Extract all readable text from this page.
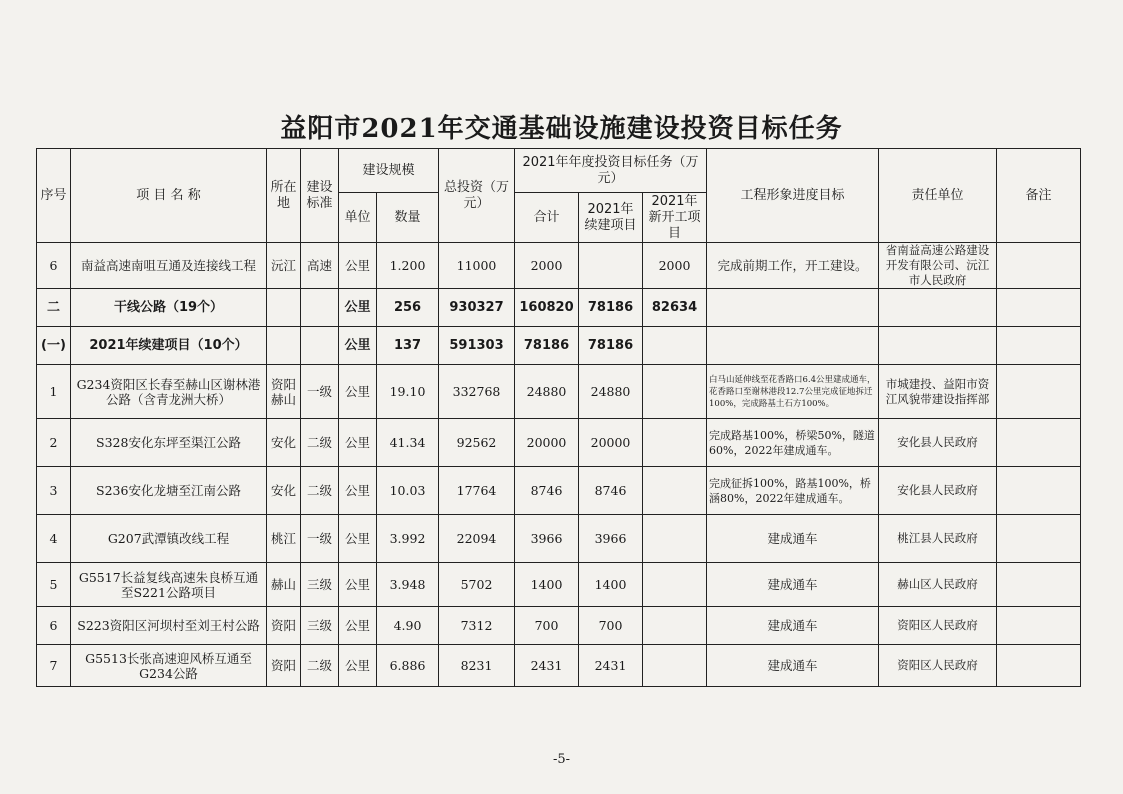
益阳市2021年交通基础设施建设投资目标任务
序号	项 目 名 称	所在地	建设标准	建设规模		总投资（万元）	2021年年度投资目标任务（万元）			工程形象进度目标	责任单位	备注
				单位	数量		合计	2021年续建项目	2021年新开工项目			
6	南益高速南咀互通及连接线工程	沅江	高速	公里	1.200	11000	2000		2000	完成前期工作，开工建设。	省南益高速公路建设开发有限公司、沅江市人民政府	
二	干线公路（19个）			公里	256	930327	160820	78186	82634			
(一)	2021年续建项目（10个）			公里	137	591303	78186	78186				
1	G234资阳区长春至赫山区谢林港公路（含青龙洲大桥）	资阳赫山	一级	公里	19.10	332768	24880	24880		白马山延伸线至花香路口6.4公里建成通车，花香路口至谢林港段12.7公里完成征地拆迁100%，完成路基土石方100%。	市城建投、益阳市资江风貌带建设指挥部	
2	S328安化东坪至渠江公路	安化	二级	公里	41.34	92562	20000	20000		完成路基100%，桥梁50%，隧道60%，2022年建成通车。	安化县人民政府	
3	S236安化龙塘至江南公路	安化	二级	公里	10.03	17764	8746	8746		完成征拆100%，路基100%，桥涵80%，2022年建成通车。	安化县人民政府	
4	G207武潭镇改线工程	桃江	一级	公里	3.992	22094	3966	3966		建成通车	桃江县人民政府	
5	G5517长益复线高速朱良桥互通至S221公路项目	赫山	三级	公里	3.948	5702	1400	1400		建成通车	赫山区人民政府	
6	S223资阳区河坝村至刘王村公路	资阳	三级	公里	4.90	7312	700	700		建成通车	资阳区人民政府	
7	G5513长张高速迎风桥互通至G234公路	资阳	二级	公里	6.886	8231	2431	2431		建成通车	资阳区人民政府	
-5-
